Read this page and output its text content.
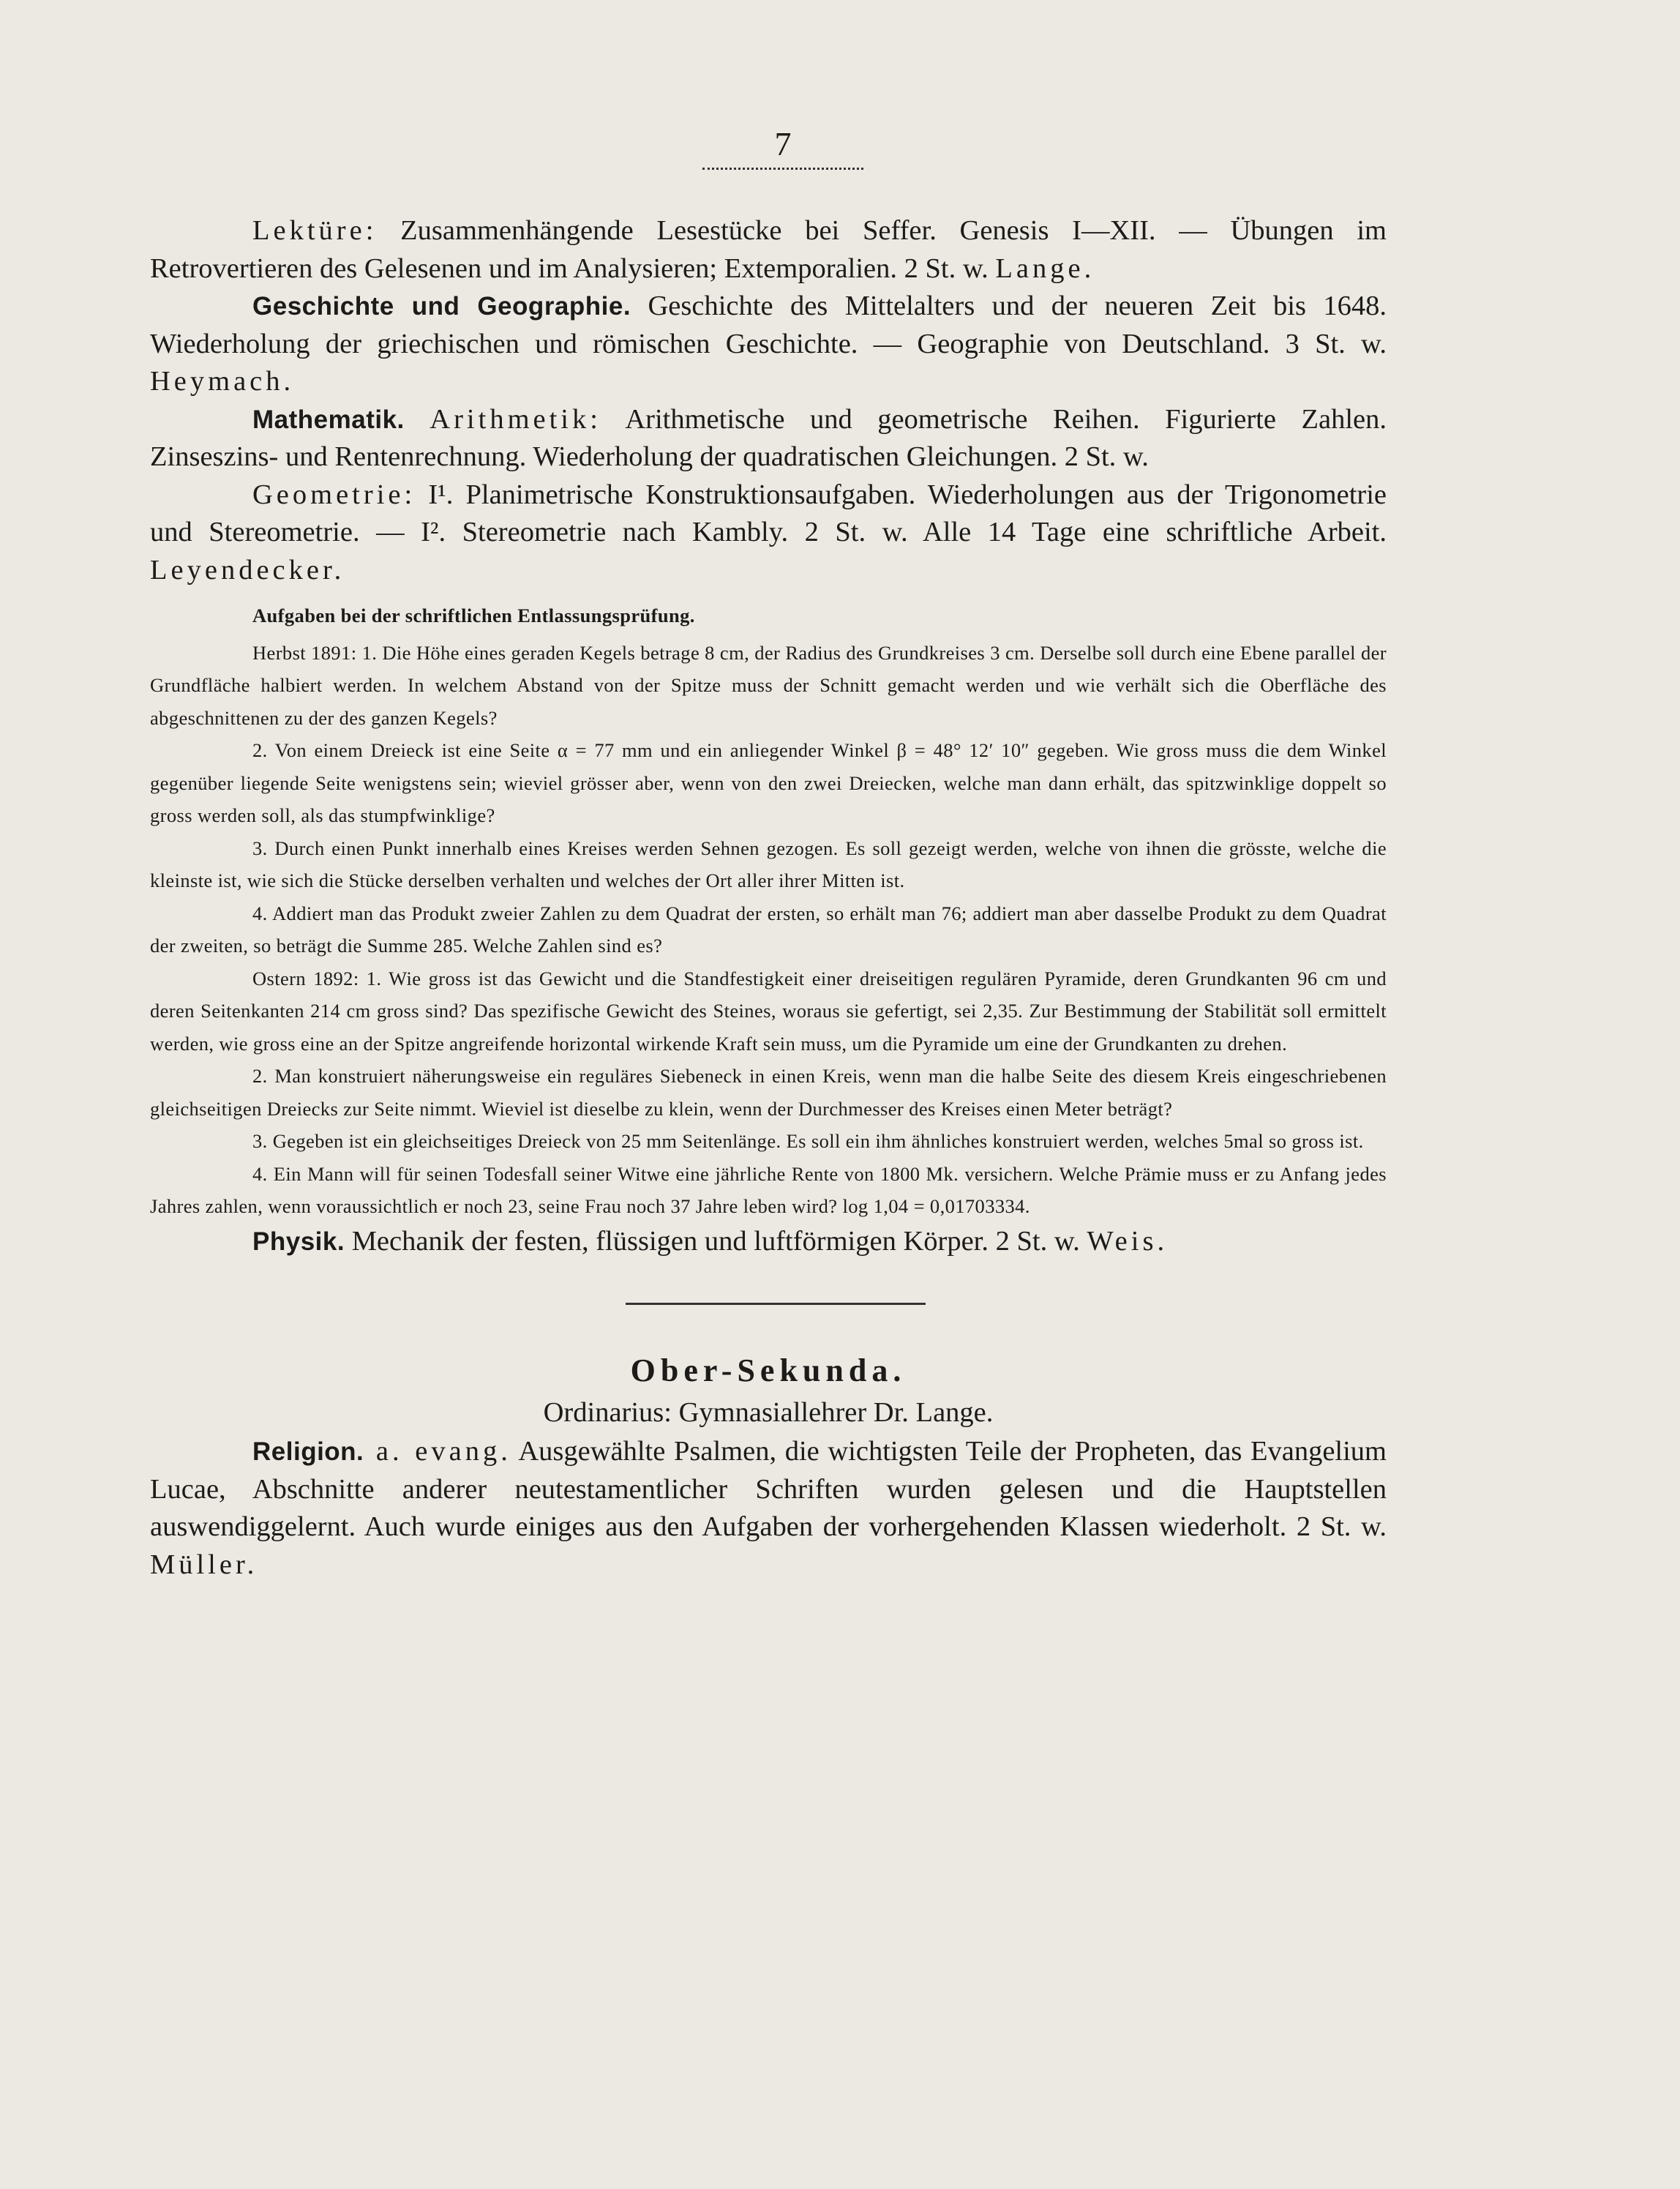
7

Lektüre: Zusammenhängende Lesestücke bei Seffer. Genesis I—XII. — Übungen im Retrovertieren des Gelesenen und im Analysieren; Extemporalien. 2 St. w. Lange.

Geschichte und Geographie. Geschichte des Mittelalters und der neueren Zeit bis 1648. Wiederholung der griechischen und römischen Geschichte. — Geographie von Deutschland. 3 St. w. Heymach.

Mathematik. Arithmetik: Arithmetische und geometrische Reihen. Figurierte Zahlen. Zinseszins- und Rentenrechnung. Wiederholung der quadratischen Gleichungen. 2 St. w.

Geometrie: I¹. Planimetrische Konstruktionsaufgaben. Wiederholungen aus der Trigonometrie und Stereometrie. — I². Stereometrie nach Kambly. 2 St. w. Alle 14 Tage eine schriftliche Arbeit. Leyendecker.

Aufgaben bei der schriftlichen Entlassungsprüfung.

Herbst 1891: 1. Die Höhe eines geraden Kegels betrage 8 cm, der Radius des Grundkreises 3 cm. Derselbe soll durch eine Ebene parallel der Grundfläche halbiert werden. In welchem Abstand von der Spitze muss der Schnitt gemacht werden und wie verhält sich die Oberfläche des abgeschnittenen zu der des ganzen Kegels?

2. Von einem Dreieck ist eine Seite α = 77 mm und ein anliegender Winkel β = 48° 12′ 10″ gegeben. Wie gross muss die dem Winkel gegenüber liegende Seite wenigstens sein; wieviel grösser aber, wenn von den zwei Dreiecken, welche man dann erhält, das spitzwinklige doppelt so gross werden soll, als das stumpfwinklige?

3. Durch einen Punkt innerhalb eines Kreises werden Sehnen gezogen. Es soll gezeigt werden, welche von ihnen die grösste, welche die kleinste ist, wie sich die Stücke derselben verhalten und welches der Ort aller ihrer Mitten ist.

4. Addiert man das Produkt zweier Zahlen zu dem Quadrat der ersten, so erhält man 76; addiert man aber dasselbe Produkt zu dem Quadrat der zweiten, so beträgt die Summe 285. Welche Zahlen sind es?

Ostern 1892: 1. Wie gross ist das Gewicht und die Standfestigkeit einer dreiseitigen regulären Pyramide, deren Grundkanten 96 cm und deren Seitenkanten 214 cm gross sind? Das spezifische Gewicht des Steines, woraus sie gefertigt, sei 2,35. Zur Bestimmung der Stabilität soll ermittelt werden, wie gross eine an der Spitze angreifende horizontal wirkende Kraft sein muss, um die Pyramide um eine der Grundkanten zu drehen.

2. Man konstruiert näherungsweise ein reguläres Siebeneck in einen Kreis, wenn man die halbe Seite des diesem Kreis eingeschriebenen gleichseitigen Dreiecks zur Seite nimmt. Wieviel ist dieselbe zu klein, wenn der Durchmesser des Kreises einen Meter beträgt?

3. Gegeben ist ein gleichseitiges Dreieck von 25 mm Seitenlänge. Es soll ein ihm ähnliches konstruiert werden, welches 5mal so gross ist.

4. Ein Mann will für seinen Todesfall seiner Witwe eine jährliche Rente von 1800 Mk. versichern. Welche Prämie muss er zu Anfang jedes Jahres zahlen, wenn voraussichtlich er noch 23, seine Frau noch 37 Jahre leben wird? log 1,04 = 0,01703334.

Physik. Mechanik der festen, flüssigen und luftförmigen Körper. 2 St. w. Weis.

Ober-Sekunda.
Ordinarius: Gymnasiallehrer Dr. Lange.

Religion. a. evang. Ausgewählte Psalmen, die wichtigsten Teile der Propheten, das Evangelium Lucae, Abschnitte anderer neutestamentlicher Schriften wurden gelesen und die Hauptstellen auswendiggelernt. Auch wurde einiges aus den Aufgaben der vorhergehenden Klassen wiederholt. 2 St. w. Müller.
